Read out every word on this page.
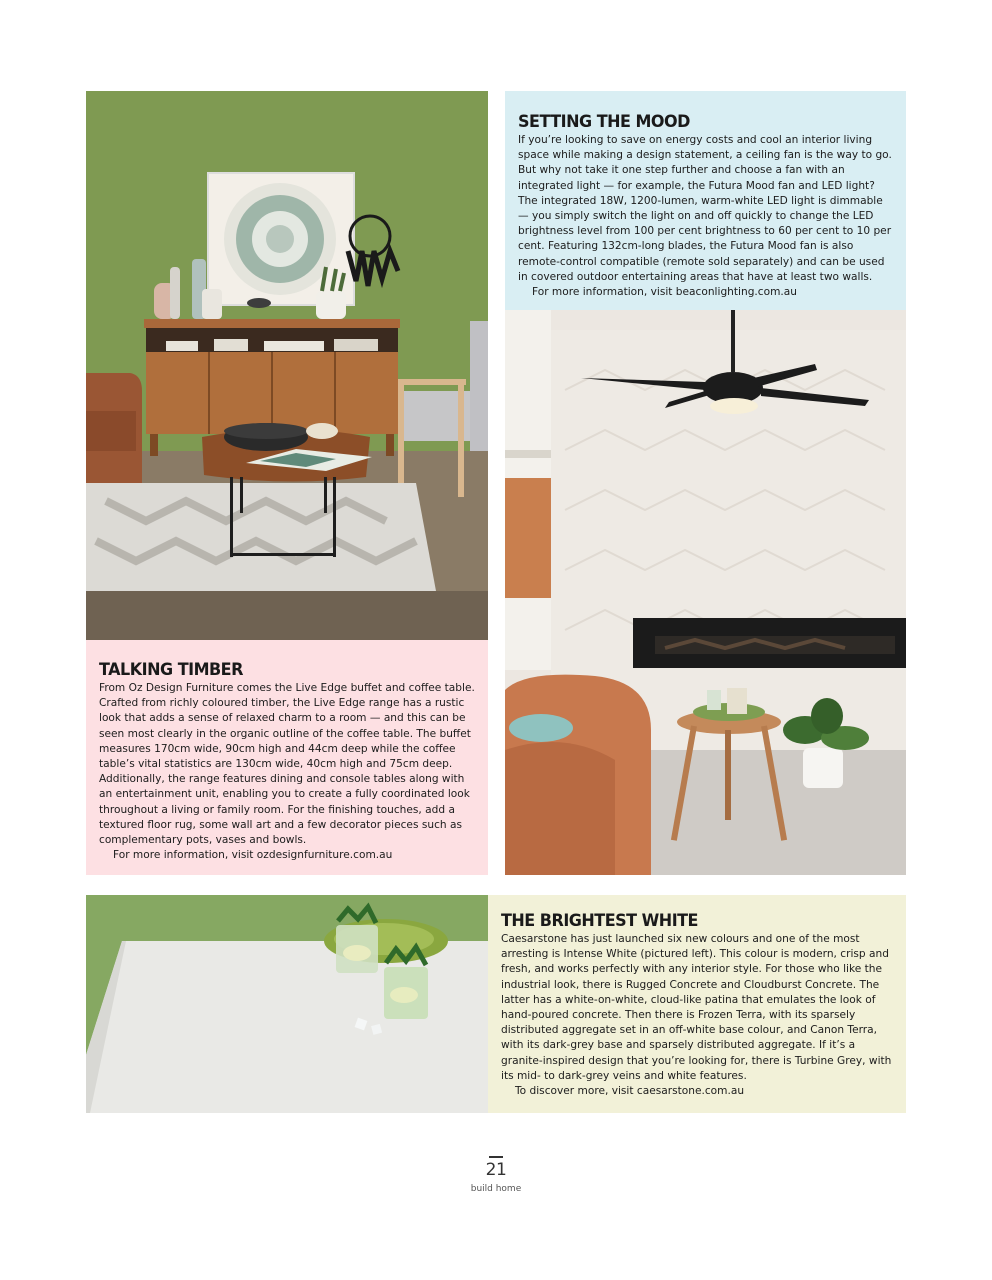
SETTING THE MOOD

If you’re looking to save on energy costs and cool an interior living space while making a design statement, a ceiling fan is the way to go. But why not take it one step further and choose a fan with an integrated light — for example, the Futura Mood fan and LED light? The integrated 18W, 1200-lumen, warm-white LED light is dimmable — you simply switch the light on and off quickly to change the LED brightness level from 100 per cent brightness to 60 per cent to 10 per cent. Featuring 132cm-long blades, the Futura Mood fan is also remote-control compatible (remote sold separately) and can be used in covered outdoor entertaining areas that have at least two walls.

For more information, visit beaconlighting.com.au

TALKING TIMBER

From Oz Design Furniture comes the Live Edge buffet and coffee table. Crafted from richly coloured timber, the Live Edge range has a rustic look that adds a sense of relaxed charm to a room — and this can be seen most clearly in the organic outline of the coffee table. The buffet measures 170cm wide, 90cm high and 44cm deep while the coffee table’s vital statistics are 130cm wide, 40cm high and 75cm deep. Additionally, the range features dining and console tables along with an entertainment unit, enabling you to create a fully coordinated look throughout a living or family room. For the finishing touches, add a textured floor rug, some wall art and a few decorator pieces such as complementary pots, vases and bowls.

For more information, visit ozdesignfurniture.com.au

THE BRIGHTEST WHITE

Caesarstone has just launched six new colours and one of the most arresting is Intense White (pictured left). This colour is modern, crisp and fresh, and works perfectly with any interior style. For those who like the industrial look, there is Rugged Concrete and Cloudburst Concrete. The latter has a white-on-white, cloud-like patina that emulates the look of hand-poured concrete. Then there is Frozen Terra, with its sparsely distributed aggregate set in an off-white base colour, and Canon Terra, with its dark-grey base and sparsely distributed aggregate. If it’s a granite-inspired design that you’re looking for, there is Turbine Grey, with its mid- to dark-grey veins and white features.

To discover more, visit caesarstone.com.au

21
build home
